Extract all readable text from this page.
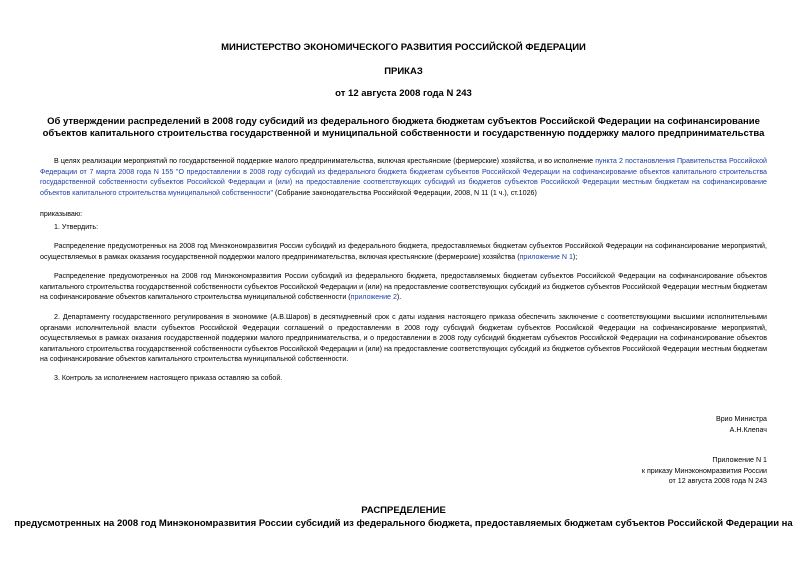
МИНИСТЕРСТВО ЭКОНОМИЧЕСКОГО РАЗВИТИЯ РОССИЙСКОЙ ФЕДЕРАЦИИ
ПРИКАЗ
от 12 августа 2008 года N 243
Об утверждении распределений в 2008 году субсидий из федерального бюджета бюджетам субъектов Российской Федерации на софинансирование объектов капитального строительства государственной и муниципальной собственности и государственную поддержку малого предпринимательства
В целях реализации мероприятий по государственной поддержке малого предпринимательства, включая крестьянские (фермерские) хозяйства, и во исполнение пункта 2 постановления Правительства Российской Федерации от 7 марта 2008 года N 155 "О предоставлении в 2008 году субсидий из федерального бюджета бюджетам субъектов Российской Федерации на софинансирование объектов капитального строительства государственной собственности субъектов Российской Федерации и (или) на предоставление соответствующих субсидий из бюджетов субъектов Российской Федерации местным бюджетам на софинансирование объектов капитального строительства муниципальной собственности" (Собрание законодательства Российской Федерации, 2008, N 11 (1 ч.), ст.1026)
приказываю:
1. Утвердить:
Распределение предусмотренных на 2008 год Минэкономразвития России субсидий из федерального бюджета, предоставляемых бюджетам субъектов Российской Федерации на софинансирование мероприятий, осуществляемых в рамках оказания государственной поддержки малого предпринимательства, включая крестьянские (фермерские) хозяйства (приложение N 1);
Распределение предусмотренных на 2008 год Минэкономразвития России субсидий из федерального бюджета, предоставляемых бюджетам субъектов Российской Федерации на софинансирование объектов капитального строительства государственной собственности субъектов Российской Федерации и (или) на предоставление соответствующих субсидий из бюджетов субъектов Российской Федерации местным бюджетам на софинансирование объектов капитального строительства муниципальной собственности (приложение 2).
2. Департаменту государственного регулирования в экономике (А.В.Шаров) в десятидневный срок с даты издания настоящего приказа обеспечить заключение с соответствующими высшими исполнительными органами исполнительной власти субъектов Российской Федерации соглашений о предоставлении в 2008 году субсидий бюджетам субъектов Российской Федерации на софинансирование мероприятий, осуществляемых в рамках оказания государственной поддержки малого предпринимательства, и о предоставлении в 2008 году субсидий бюджетам субъектов Российской Федерации на софинансирование объектов капитального строительства государственной собственности субъектов Российской Федерации и (или) на предоставление соответствующих субсидий из бюджетов субъектов Российской Федерации местным бюджетам на софинансирование объектов капитального строительства муниципальной собственности.
3. Контроль за исполнением настоящего приказа оставляю за собой.
Врио Министра
А.Н.Клепач
Приложение N 1
к приказу Минэкономразвития России
от 12 августа 2008 года N 243
РАСПРЕДЕЛЕНИЕ
предусмотренных на 2008 год Минэкономразвития России субсидий из федерального бюджета, предоставляемых бюджетам субъектов Российской Федерации на
